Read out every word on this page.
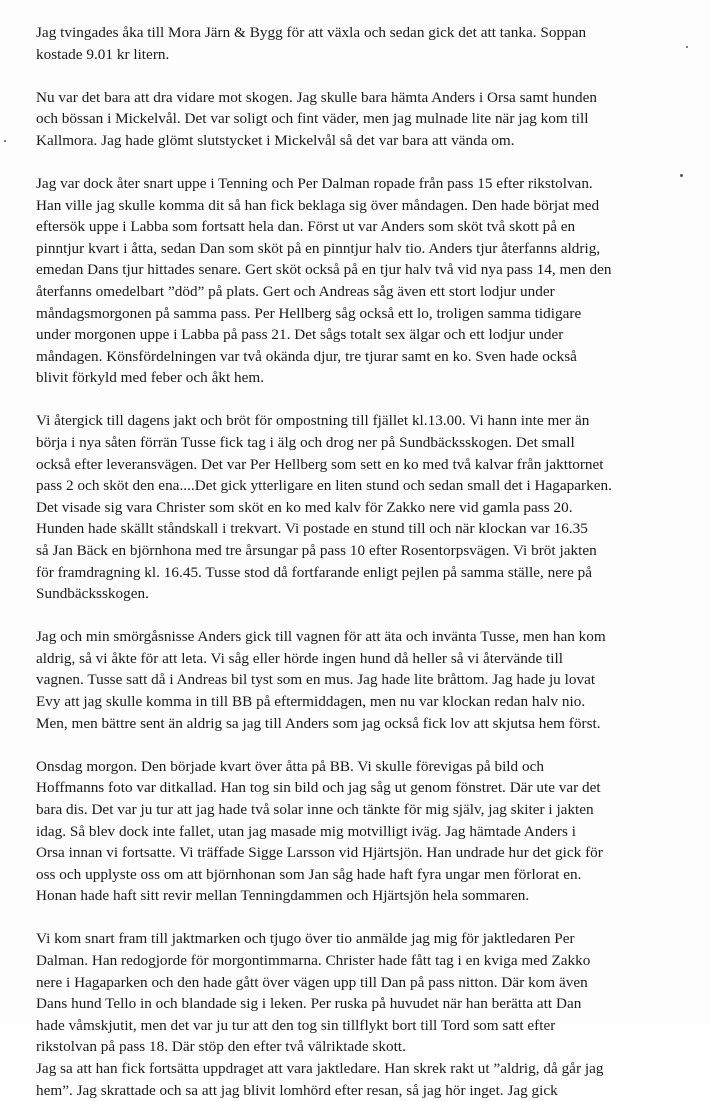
Jag tvingades åka till Mora Järn & Bygg för att växla och sedan gick det att tanka. Soppan
kostade 9.01 kr litern.

Nu var det bara att dra vidare mot skogen. Jag skulle bara hämta Anders i Orsa samt hunden
och bössan i Mickelvål. Det var soligt och fint väder, men jag mulnade lite när jag kom till
Kallmora. Jag hade glömt slutstycket i Mickelvål så det var bara att vända om.

Jag var dock åter snart uppe i Tenning och Per Dalman ropade från pass 15 efter rikstolvan.
Han ville jag skulle komma dit så han fick beklaga sig över måndagen. Den hade börjat med
eftersök uppe i Labba som fortsatt hela dan. Först ut var Anders som sköt två skott på en
pinntjur kvart i åtta, sedan Dan som sköt på en pinntjur halv tio. Anders tjur återfanns aldrig,
emedan Dans tjur hittades senare. Gert sköt också på en tjur halv två vid nya pass 14, men den
återfanns omedelbart ”död” på plats. Gert och Andreas såg även ett stort lodjur under
måndagsmorgonen på samma pass. Per Hellberg såg också ett lo, troligen samma tidigare
under morgonen uppe i Labba på pass 21. Det sågs totalt sex älgar och ett lodjur under
måndagen. Könsfördelningen var två okända djur, tre tjurar samt en ko. Sven hade också
blivit förkyld med feber och åkt hem.

Vi återgick till dagens jakt och bröt för ompostning till fjället kl.13.00. Vi hann inte mer än
börja i nya såten förrän Tusse fick tag i älg och drog ner på Sundbäcksskogen. Det small
också efter leveransvägen. Det var Per Hellberg som sett en ko med två kalvar från jakttornet
pass 2 och sköt den ena....Det gick ytterligare en liten stund och sedan small det i Hagaparken.
Det visade sig vara Christer som sköt en ko med kalv för Zakko nere vid gamla pass 20.
Hunden hade skällt ståndskall i trekvart. Vi postade en stund till och när klockan var 16.35
så Jan Bäck en björnhona med tre årsungar på pass 10 efter Rosentorpsvägen. Vi bröt jakten
för framdragning kl. 16.45. Tusse stod då fortfarande enligt pejlen på samma ställe, nere på
Sundbäcksskogen.

Jag och min smörgåsnisse Anders gick till vagnen för att äta och invänta Tusse, men han kom
aldrig, så vi åkte för att leta. Vi såg eller hörde ingen hund då heller så vi återvände till
vagnen. Tusse satt då i Andreas bil tyst som en mus. Jag hade lite bråttom. Jag hade ju lovat
Evy att jag skulle komma in till BB på eftermiddagen, men nu var klockan redan halv nio.
Men, men bättre sent än aldrig sa jag till Anders som jag också fick lov att skjutsa hem först.

Onsdag morgon. Den började kvart över åtta på BB. Vi skulle förevigas på bild och
Hoffmanns foto var ditkallad. Han tog sin bild och jag såg ut genom fönstret. Där ute var det
bara dis. Det var ju tur att jag hade två solar inne och tänkte för mig själv, jag skiter i jakten
idag. Så blev dock inte fallet, utan jag masade mig motvilligt iväg. Jag hämtade Anders i
Orsa innan vi fortsatte. Vi träffade Sigge Larsson vid Hjärtsjön. Han undrade hur det gick för
oss och upplyste oss om att björnhonan som Jan såg hade haft fyra ungar men förlorat en.
Honan hade haft sitt revir mellan Tenningdammen och Hjärtsjön hela sommaren.

Vi kom snart fram till jaktmarken och tjugo över tio anmälde jag mig för jaktledaren Per
Dalman. Han redogjorde för morgontimmarna. Christer hade fått tag i en kviga med Zakko
nere i Hagaparken och den hade gått över vägen upp till Dan på pass nitton. Där kom även
Dans hund Tello in och blandade sig i leken. Per ruska på huvudet när han berätta att Dan
hade våmskjutit, men det var ju tur att den tog sin tillflykt bort till Tord som satt efter
rikstolvan på pass 18. Där stöp den efter två välriktade skott.

Jag sa att han fick fortsätta uppdraget att vara jaktledare. Han skrek rakt ut ”aldrig, då går jag
hem”. Jag skrattade och sa att jag blivit lomhörd efter resan, så jag hör inget. Jag gick
